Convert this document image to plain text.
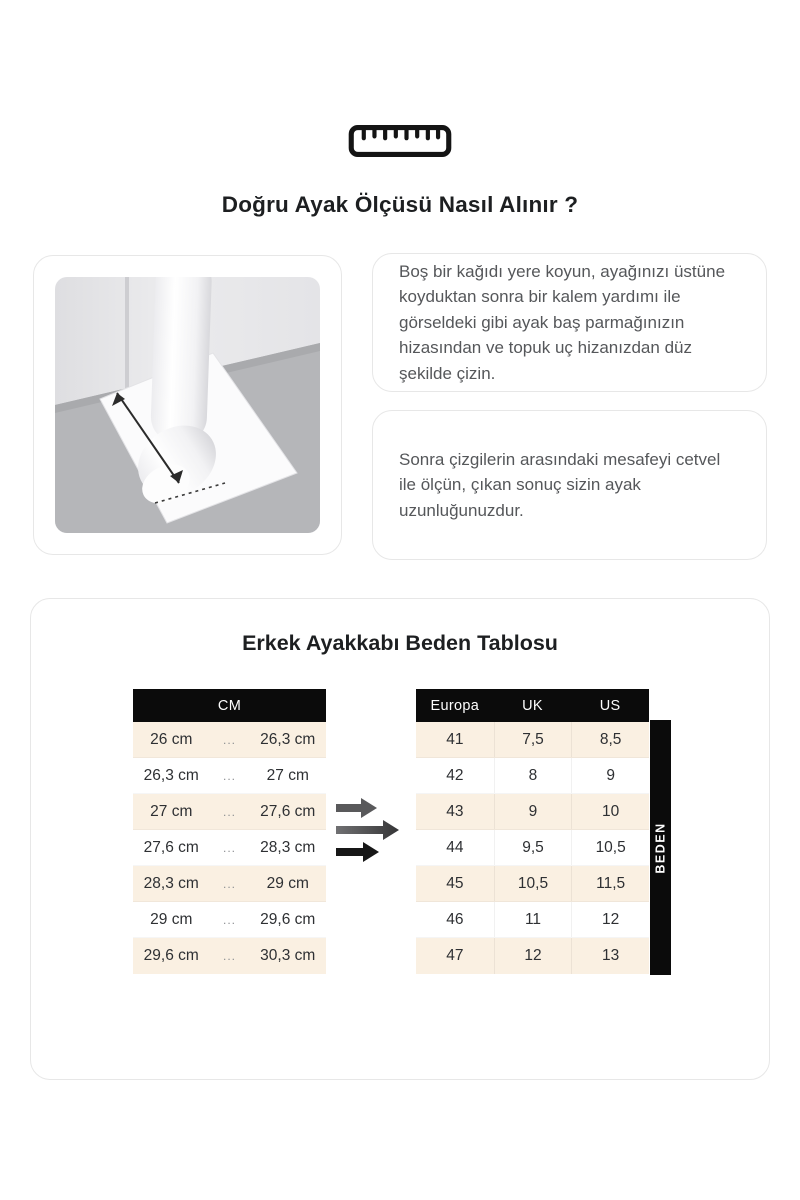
Doğru Ayak Ölçüsü Nasıl Alınır ?

Boş bir kağıdı yere koyun, ayağınızı üstüne koyduktan sonra bir kalem yardımı ile görseldeki gibi ayak baş parmağınızın hizasından ve topuk uç hizanızdan düz şekilde çizin.

Sonra çizgilerin arasındaki mesafeyi cetvel ile ölçün, çıkan sonuç sizin ayak uzunluğunuzdur.

Erkek Ayakkabı Beden Tablosu
CM
26 cm	...	26,3 cm
26,3 cm	...	27 cm
27 cm	...	27,6 cm
27,6 cm	...	28,3 cm
28,3 cm	...	29 cm
29 cm	...	29,6 cm
29,6 cm	...	30,3 cm
Europa	UK	US
41	7,5	8,5
42	8	9
43	9	10
44	9,5	10,5
45	10,5	11,5
46	11	12
47	12	13
BEDEN
